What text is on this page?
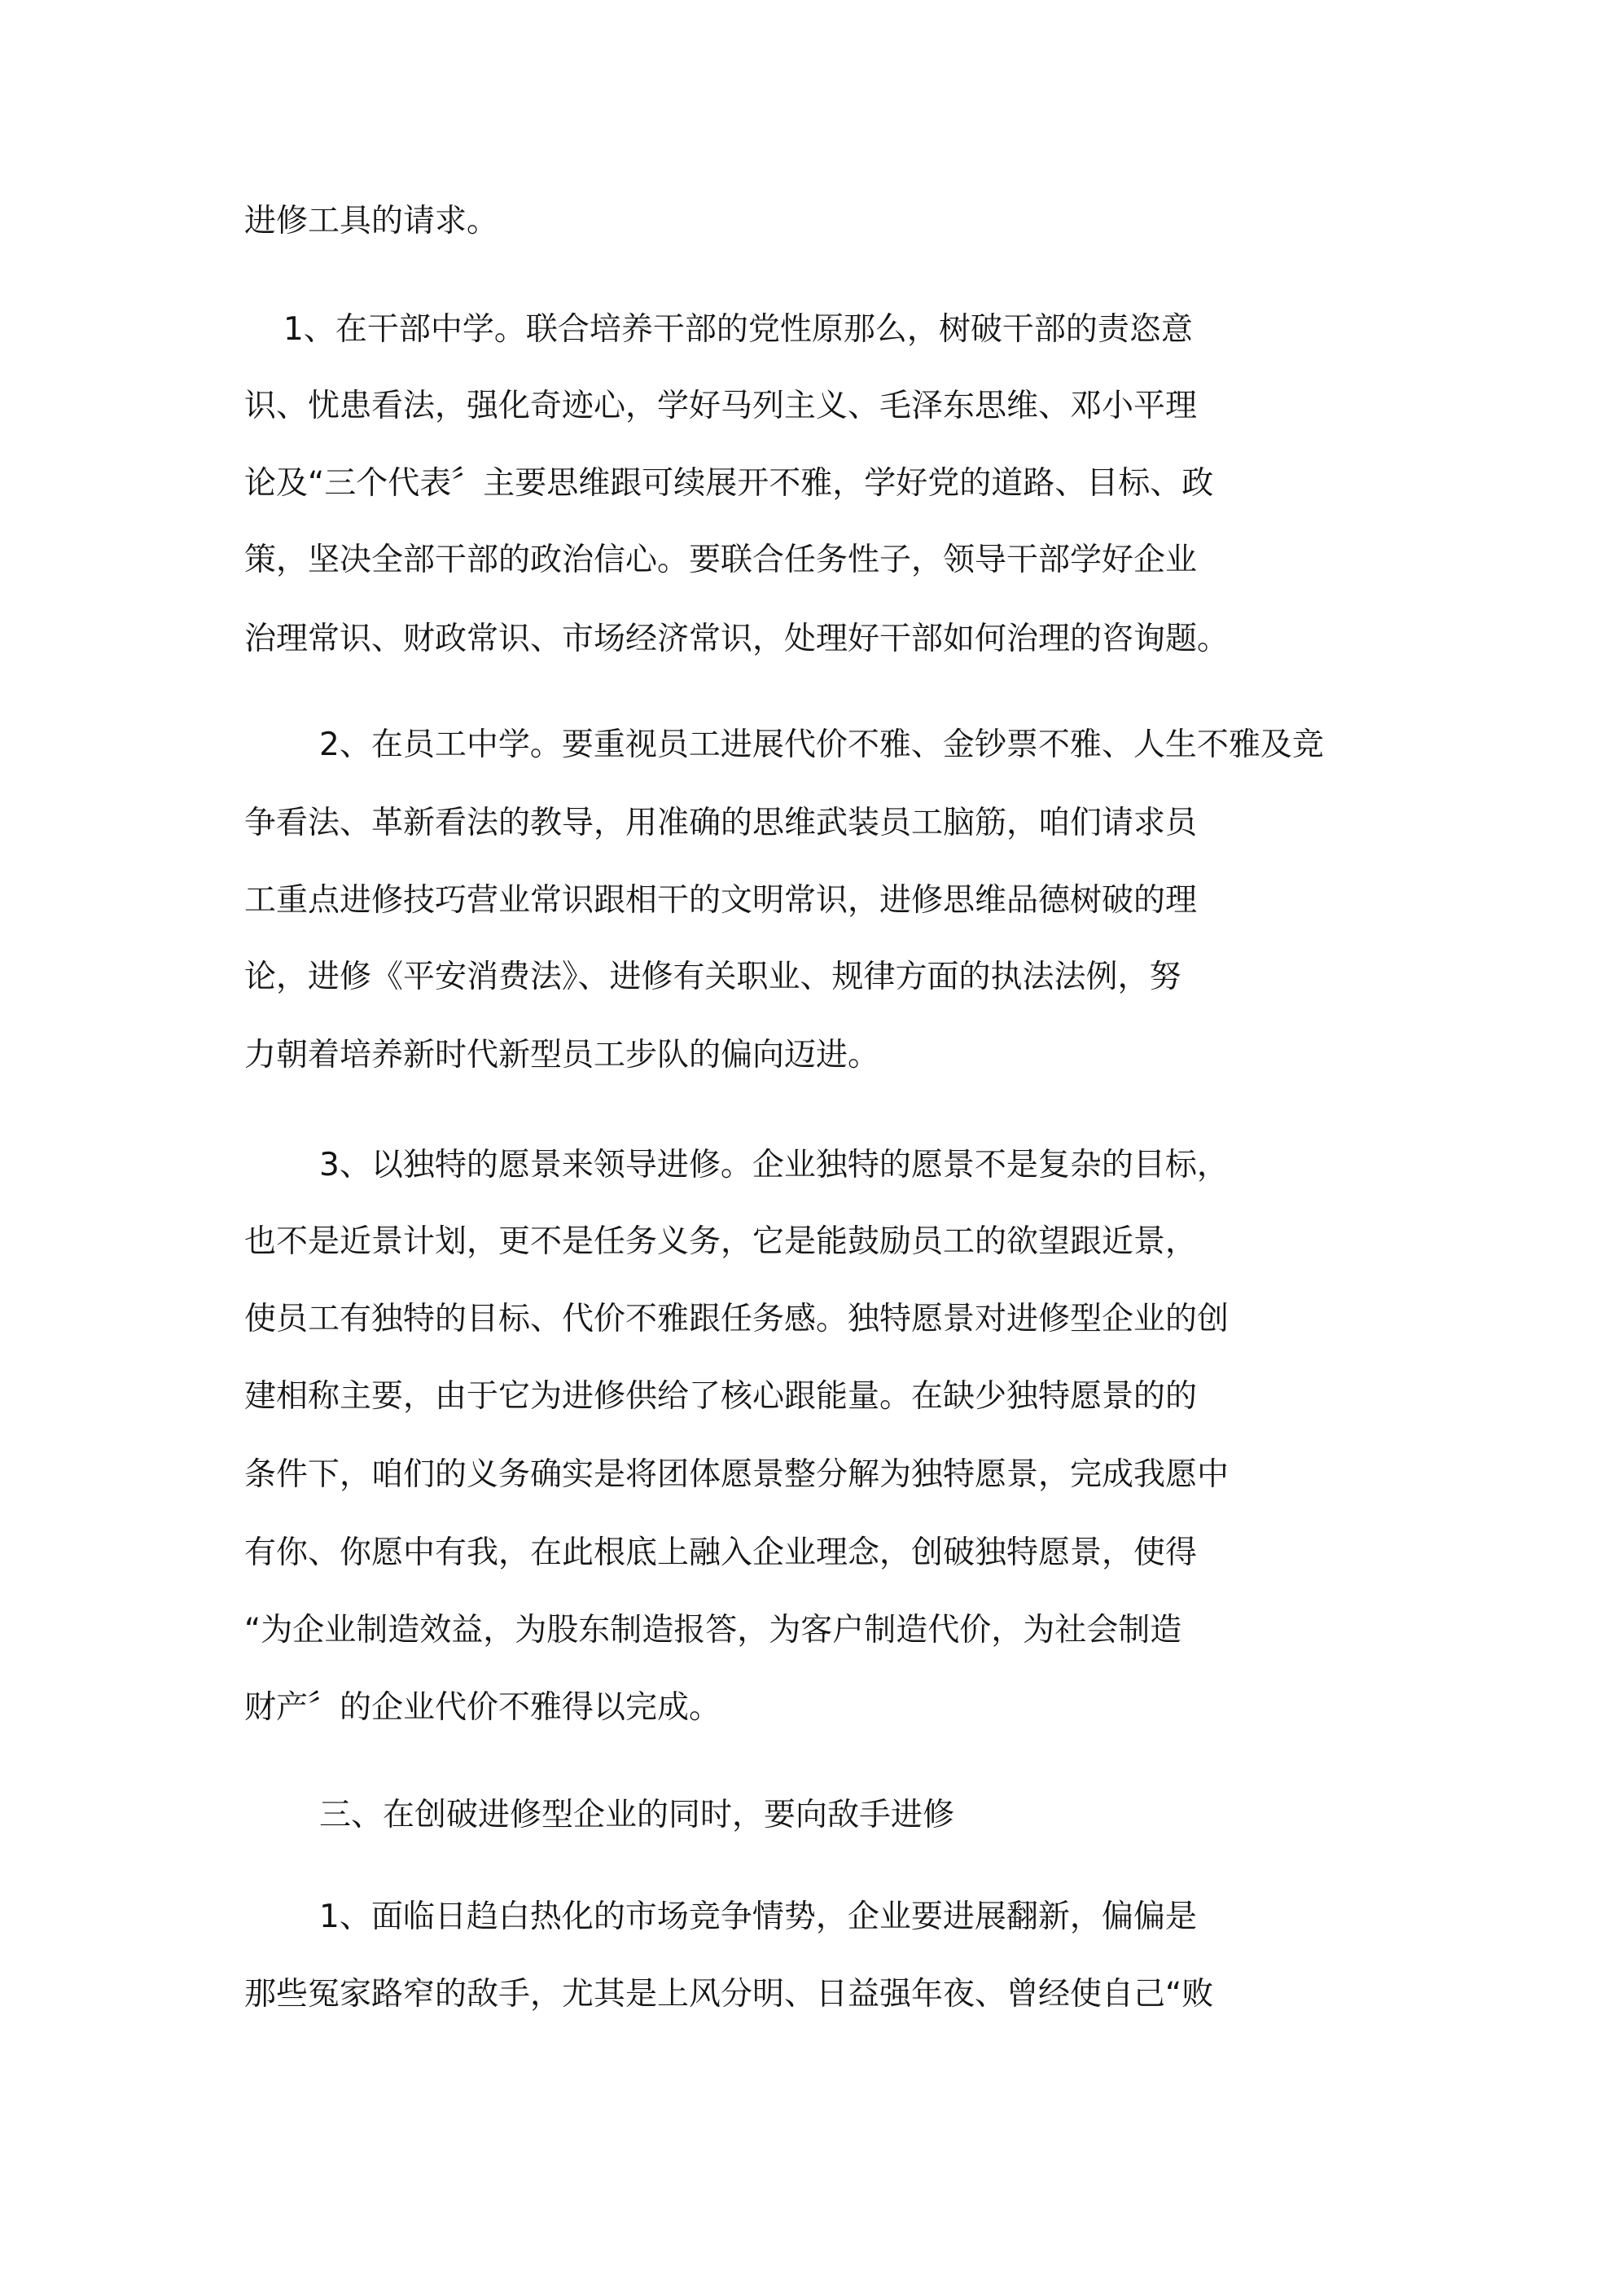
进修工具的请求。

1、在干部中学。联合培养干部的党性原那么，树破干部的责恣意

识、忧患看法，强化奇迹心，学好马列主义、毛泽东思维、邓小平理

论及“三个代表〞主要思维跟可续展开不雅，学好党的道路、目标、政

策，坚决全部干部的政治信心。要联合任务性子，领导干部学好企业

治理常识、财政常识、市场经济常识，处理好干部如何治理的咨询题。

2、在员工中学。要重视员工进展代价不雅、金钞票不雅、人生不雅及竞

争看法、革新看法的教导，用准确的思维武装员工脑筋，咱们请求员

工重点进修技巧营业常识跟相干的文明常识，进修思维品德树破的理

论，进修《平安消费法》、进修有关职业、规律方面的执法法例，努

力朝着培养新时代新型员工步队的偏向迈进。

3、以独特的愿景来领导进修。企业独特的愿景不是复杂的目标，

也不是近景计划，更不是任务义务，它是能鼓励员工的欲望跟近景，

使员工有独特的目标、代价不雅跟任务感。独特愿景对进修型企业的创

建相称主要，由于它为进修供给了核心跟能量。在缺少独特愿景的的

条件下，咱们的义务确实是将团体愿景整分解为独特愿景，完成我愿中

有你、你愿中有我，在此根底上融入企业理念，创破独特愿景，使得

“为企业制造效益，为股东制造报答，为客户制造代价，为社会制造

财产〞的企业代价不雅得以完成。

三、在创破进修型企业的同时，要向敌手进修

1、面临日趋白热化的市场竞争情势，企业要进展翻新，偏偏是

那些冤家路窄的敌手，尤其是上风分明、日益强年夜、曾经使自己“败
